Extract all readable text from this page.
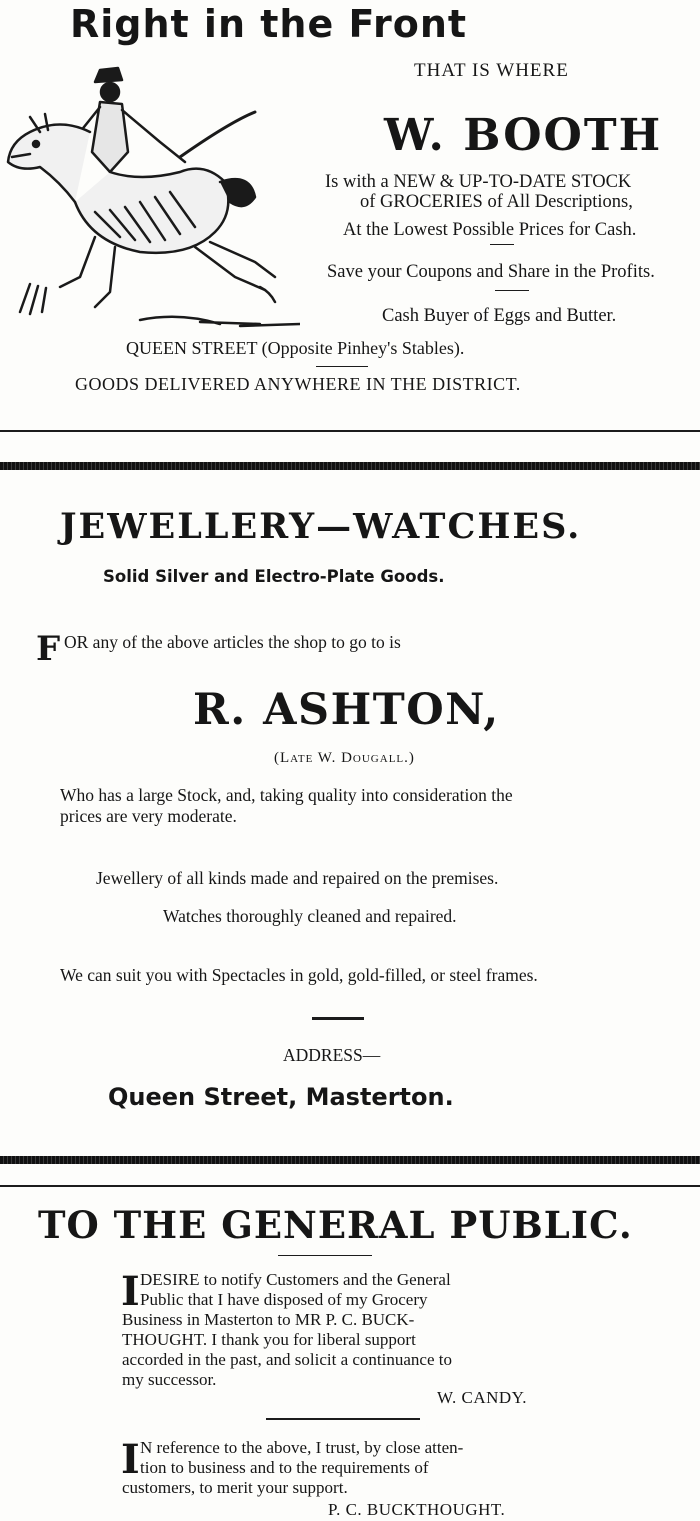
Right in the Front
THAT IS WHERE
W. BOOTH
Is with a NEW & UP-TO-DATE STOCK
of GROCERIES of All Descriptions,
At the Lowest Possible Prices for Cash.
Save your Coupons and Share in the Profits.
Cash Buyer of Eggs and Butter.
QUEEN STREET (Opposite Pinhey's Stables).
GOODS DELIVERED ANYWHERE IN THE DISTRICT.
JEWELLERY—WATCHES.
Solid Silver and Electro-Plate Goods.
F OR any of the above articles the shop to go to is
R. ASHTON,
(Late W. Dougall.)
Who has a large Stock, and, taking quality into consideration the
prices are very moderate.
Jewellery of all kinds made and repaired on the premises.
Watches thoroughly cleaned and repaired.
We can suit you with Spectacles in gold, gold-filled, or steel frames.
ADDRESS—
Queen Street, Masterton.
TO THE GENERAL PUBLIC.
I DESIRE to notify Customers and the General
Public that I have disposed of my Grocery
Business in Masterton to MR P. C. BUCK-
THOUGHT. I thank you for liberal support
accorded in the past, and solicit a continuance to
my successor.
W. CANDY.
I N reference to the above, I trust, by close atten-
tion to business and to the requirements of
customers, to merit your support.
P. C. BUCKTHOUGHT.
